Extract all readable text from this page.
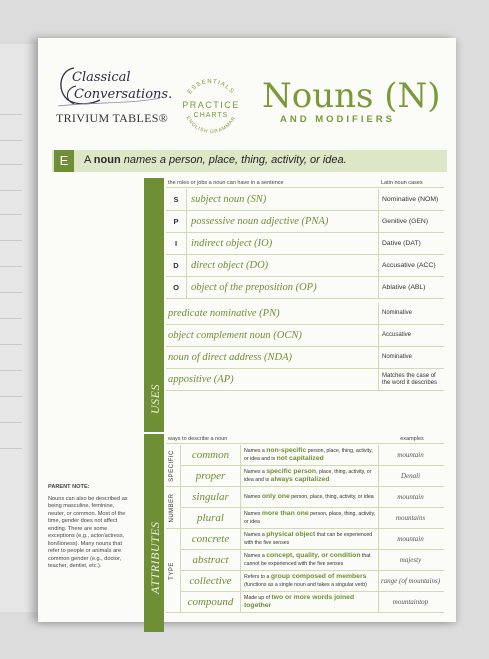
Classical
Conversations.
TRIVIUM TABLES®
ESSENTIALS
PRACTICE
CHARTS
ENGLISH GRAMMAR
Nouns (N)
AND MODIFIERS
E	A noun names a person, place, thing, activity, or idea.
USES
ATTRIBUTES
the roles or jobs a noun can have in a sentence	Latin noun cases
S	subject noun (SN)	Nominative (NOM)
P	possessive noun adjective (PNA)	Genitive (GEN)
I	indirect object (IO)	Dative (DAT)
D	direct object (DO)	Accusative (ACC)
O	object of the preposition (OP)	Ablative (ABL)
predicate nominative (PN)	Nominative
object complement noun (OCN)	Accusative
noun of direct address (NDA)	Nominative
appositive (AP)	Matches the case of the word it describes
ways to describe a noun	examples
SPECIFIC	common	Names a non-specific person, place, thing, activity, or idea and is not capitalized	mountain
proper	Names a specific person, place, thing, activity, or idea and is always capitalized	Denali
NUMBER	singular	Names only one person, place, thing, activity, or idea	mountain
plural	Names more than one person, place, thing, activity, or idea	mountains
TYPE
concrete	Names a physical object that can be experienced with the five senses	mountain
abstract	Names a concept, quality, or condition that cannot be experienced with the five senses	majesty
collective	Refers to a group composed of members (functions as a single noun and takes a singular verb)	range (of mountains)
compound	Made up of two or more words joined together	mountaintop
PARENT NOTE:
Nouns can also be described as being masculine, feminine, neuter, or common. Most of the time, gender does not affect ending. There are some exceptions (e.g., actor/actress, lion/lioness). Many nouns that refer to people or animals are common gender (e.g., doctor, teacher, dentist, etc.).
